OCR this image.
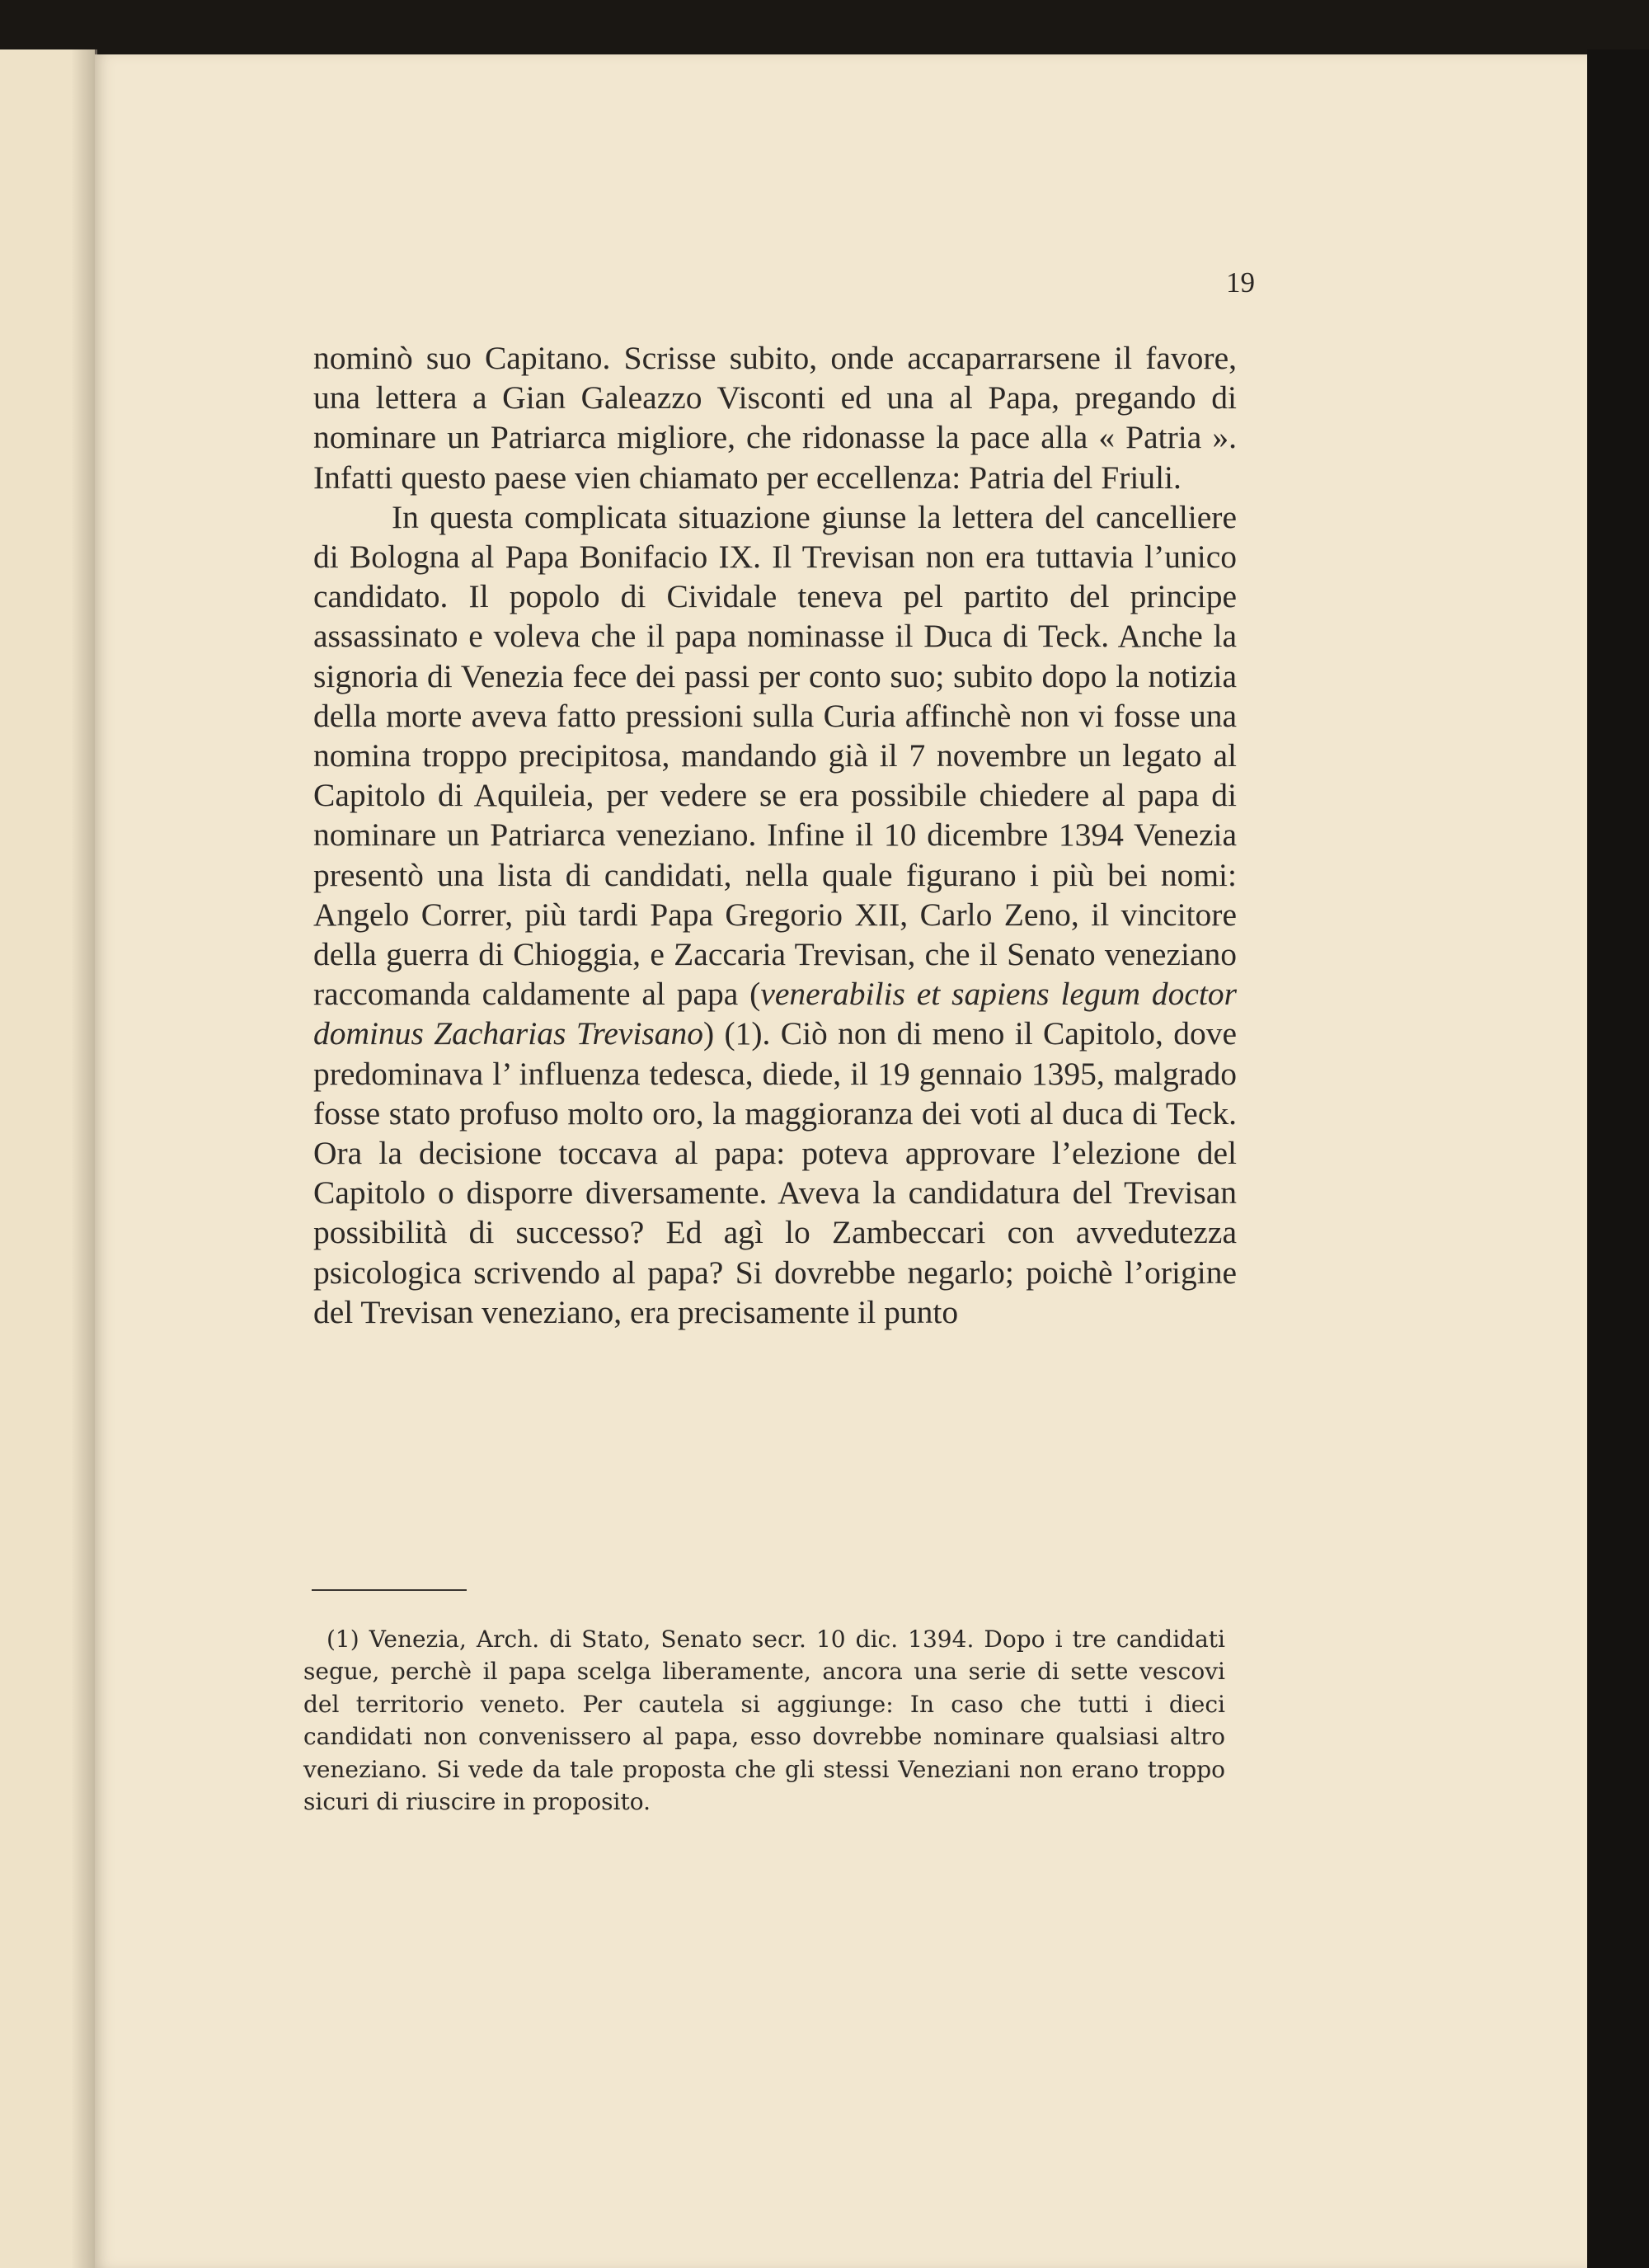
19

nominò suo Capitano. Scrisse subito, onde accaparrarsene il favore, una lettera a Gian Galeazzo Visconti ed una al Papa, pregando di nominare un Patriarca migliore, che ridonasse la pace alla « Patria ». Infatti questo paese vien chiamato per eccellenza: Patria del Friuli.

In questa complicata situazione giunse la lettera del cancelliere di Bologna al Papa Bonifacio IX. Il Trevisan non era tuttavia l’unico candidato. Il popolo di Cividale teneva pel partito del principe assassinato e voleva che il papa nominasse il Duca di Teck. Anche la signoria di Venezia fece dei passi per conto suo; subito dopo la notizia della morte aveva fatto pressioni sulla Curia affinchè non vi fosse una nomina troppo precipitosa, mandando già il 7 novembre un legato al Capitolo di Aquileia, per vedere se era possibile chiedere al papa di nominare un Patriarca veneziano. Infine il 10 dicembre 1394 Venezia presentò una lista di candidati, nella quale figurano i più bei nomi: Angelo Correr, più tardi Papa Gregorio XII, Carlo Zeno, il vincitore della guerra di Chioggia, e Zaccaria Trevisan, che il Senato veneziano raccomanda caldamente al papa (venerabilis et sapiens legum doctor dominus Zacharias Trevisano) (1). Ciò non di meno il Capitolo, dove predominava l’ influenza tedesca, diede, il 19 gennaio 1395, malgrado fosse stato profuso molto oro, la maggioranza dei voti al duca di Teck. Ora la decisione toccava al papa: poteva approvare l’elezione del Capitolo o disporre diversamente. Aveva la candidatura del Trevisan possibilità di successo? Ed agì lo Zambeccari con avvedutezza psicologica scrivendo al papa? Si dovrebbe negarlo; poichè l’origine del Trevisan veneziano, era precisamente il punto

(1) Venezia, Arch. di Stato, Senato secr. 10 dic. 1394. Dopo i tre candidati segue, perchè il papa scelga liberamente, ancora una serie di sette vescovi del territorio veneto. Per cautela si aggiunge: In caso che tutti i dieci candidati non convenissero al papa, esso dovrebbe nominare qualsiasi altro veneziano. Si vede da tale proposta che gli stessi Veneziani non erano troppo sicuri di riuscire in proposito.
